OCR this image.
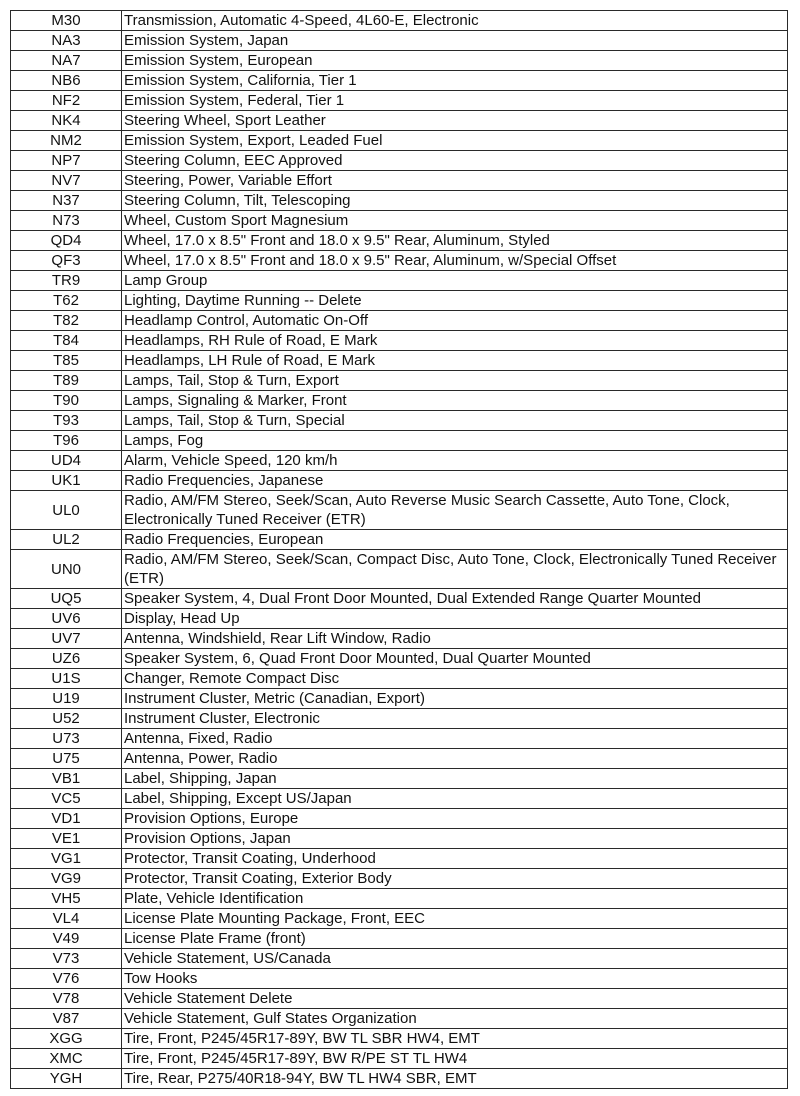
M30	Transmission, Automatic 4-Speed, 4L60-E, Electronic
NA3	Emission System, Japan
NA7	Emission System, European
NB6	Emission System, California, Tier 1
NF2	Emission System, Federal, Tier 1
NK4	Steering Wheel, Sport Leather
NM2	Emission System, Export, Leaded Fuel
NP7	Steering Column, EEC Approved
NV7	Steering, Power, Variable Effort
N37	Steering Column, Tilt, Telescoping
N73	Wheel, Custom Sport Magnesium
QD4	Wheel, 17.0 x 8.5" Front and 18.0 x 9.5" Rear, Aluminum, Styled
QF3	Wheel, 17.0 x 8.5" Front and 18.0 x 9.5" Rear, Aluminum, w/Special Offset
TR9	Lamp Group
T62	Lighting, Daytime Running -- Delete
T82	Headlamp Control, Automatic On-Off
T84	Headlamps, RH Rule of Road, E Mark
T85	Headlamps, LH Rule of Road, E Mark
T89	Lamps, Tail, Stop & Turn, Export
T90	Lamps, Signaling & Marker, Front
T93	Lamps, Tail, Stop & Turn, Special
T96	Lamps, Fog
UD4	Alarm, Vehicle Speed, 120 km/h
UK1	Radio Frequencies, Japanese
UL0	Radio, AM/FM Stereo, Seek/Scan, Auto Reverse Music Search Cassette, Auto Tone, Clock, Electronically Tuned Receiver (ETR)
UL2	Radio Frequencies, European
UN0	Radio, AM/FM Stereo, Seek/Scan, Compact Disc, Auto Tone, Clock, Electronically Tuned Receiver (ETR)
UQ5	Speaker System, 4, Dual Front Door Mounted, Dual Extended Range Quarter Mounted
UV6	Display, Head Up
UV7	Antenna, Windshield, Rear Lift Window, Radio
UZ6	Speaker System, 6, Quad Front Door Mounted, Dual Quarter Mounted
U1S	Changer, Remote Compact Disc
U19	Instrument Cluster, Metric (Canadian, Export)
U52	Instrument Cluster, Electronic
U73	Antenna, Fixed, Radio
U75	Antenna, Power, Radio
VB1	Label, Shipping, Japan
VC5	Label, Shipping, Except US/Japan
VD1	Provision Options, Europe
VE1	Provision Options, Japan
VG1	Protector, Transit Coating, Underhood
VG9	Protector, Transit Coating, Exterior Body
VH5	Plate, Vehicle Identification
VL4	License Plate Mounting Package, Front, EEC
V49	License Plate Frame (front)
V73	Vehicle Statement, US/Canada
V76	Tow Hooks
V78	Vehicle Statement Delete
V87	Vehicle Statement, Gulf States Organization
XGG	Tire, Front, P245/45R17-89Y, BW TL SBR HW4, EMT
XMC	Tire, Front, P245/45R17-89Y, BW R/PE ST TL HW4
YGH	Tire, Rear, P275/40R18-94Y, BW TL HW4 SBR, EMT
